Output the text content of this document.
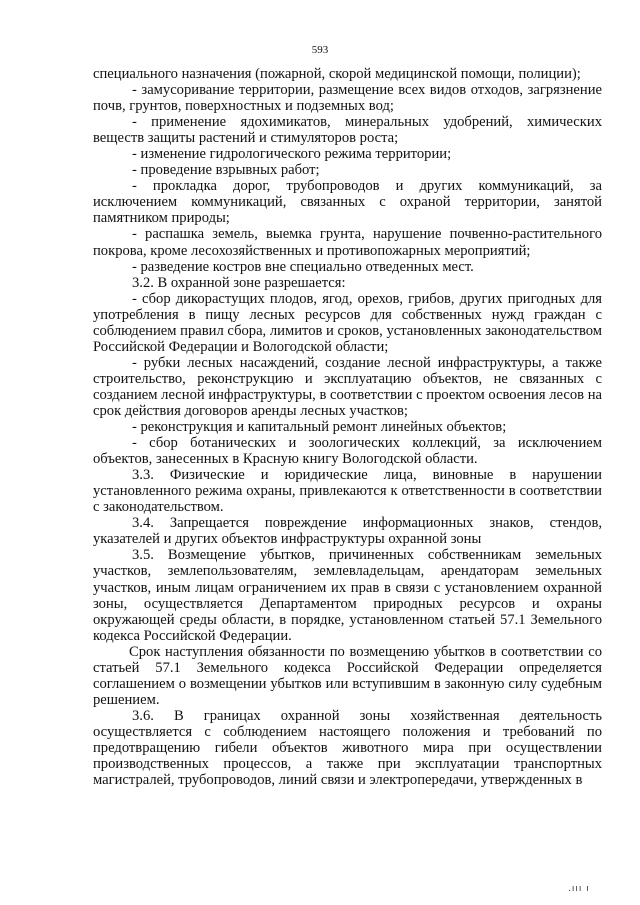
593

специального назначения (пожарной, скорой медицинской помощи, полиции);

- замусоривание территории, размещение всех видов отходов, загрязнение почв, грунтов, поверхностных и подземных вод;

- применение ядохимикатов, минеральных удобрений, химических веществ защиты растений и стимуляторов роста;

- изменение гидрологического режима территории;

- проведение взрывных работ;

- прокладка дорог, трубопроводов и других коммуникаций, за исключением коммуникаций, связанных с охраной территории, занятой памятником природы;

- распашка земель, выемка грунта, нарушение почвенно-растительного покрова, кроме лесохозяйственных и противопожарных мероприятий;

- разведение костров вне специально отведенных мест.

3.2. В охранной зоне разрешается:

- сбор дикорастущих плодов, ягод, орехов, грибов, других пригодных для употребления в пищу лесных ресурсов для собственных нужд граждан с соблюдением правил сбора, лимитов и сроков, установленных законодательством Российской Федерации и Вологодской области;

- рубки лесных насаждений, создание лесной инфраструктуры, а также строительство, реконструкцию и эксплуатацию объектов, не связанных с созданием лесной инфраструктуры, в соответствии с проектом освоения лесов на срок действия договоров аренды лесных участков;

- реконструкция и капитальный ремонт линейных объектов;

- сбор ботанических и зоологических коллекций, за исключением объектов, занесенных в Красную книгу Вологодской области.

3.3. Физические и юридические лица, виновные в нарушении установленного режима охраны, привлекаются к ответственности в соответствии с законодательством.

3.4. Запрещается повреждение информационных знаков, стендов, указателей и других объектов инфраструктуры охранной зоны

3.5. Возмещение убытков, причиненных собственникам земельных участков, землепользователям, землевладельцам, арендаторам земельных участков, иным лицам ограничением их прав в связи с установлением охранной зоны, осуществляется Департаментом природных ресурсов и охраны окружающей среды области, в порядке, установленном статьей 57.1 Земельного кодекса Российской Федерации.

Срок наступления обязанности по возмещению убытков в соответствии со статьей 57.1 Земельного кодекса Российской Федерации определяется соглашением о возмещении убытков или вступившим в законную силу судебным решением.

3.6. В границах охранной зоны хозяйственная деятельность осуществляется с соблюдением настоящего положения и требований по предотвращению гибели объектов животного мира при осуществлении производственных процессов, а также при эксплуатации транспортных магистралей, трубопроводов, линий связи и электропередачи, утвержденных в

.ııı ı
